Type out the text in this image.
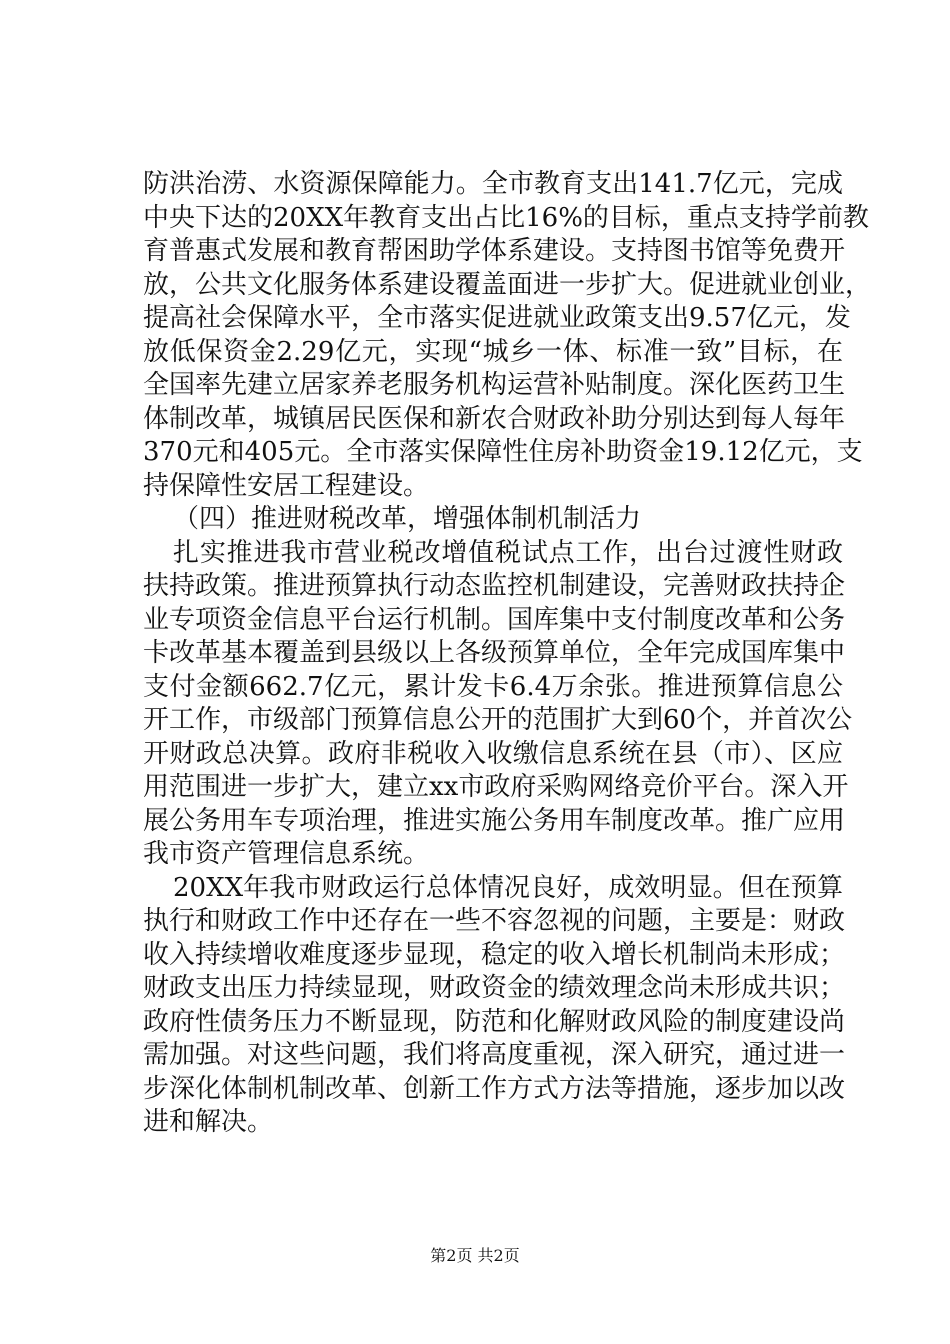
防洪治涝、水资源保障能力。全市教育支出141.7亿元，完成
中央下达的20XX年教育支出占比16%的目标，重点支持学前教
育普惠式发展和教育帮困助学体系建设。支持图书馆等免费开
放，公共文化服务体系建设覆盖面进一步扩大。促进就业创业，
提高社会保障水平，全市落实促进就业政策支出9.57亿元，发
放低保资金2.29亿元，实现“城乡一体、标准一致”目标，在
全国率先建立居家养老服务机构运营补贴制度。深化医药卫生
体制改革，城镇居民医保和新农合财政补助分别达到每人每年
370元和405元。全市落实保障性住房补助资金19.12亿元，支
持保障性安居工程建设。
（四）推进财税改革，增强体制机制活力
扎实推进我市营业税改增值税试点工作，出台过渡性财政
扶持政策。推进预算执行动态监控机制建设，完善财政扶持企
业专项资金信息平台运行机制。国库集中支付制度改革和公务
卡改革基本覆盖到县级以上各级预算单位，全年完成国库集中
支付金额662.7亿元，累计发卡6.4万余张。推进预算信息公
开工作，市级部门预算信息公开的范围扩大到60个，并首次公
开财政总决算。政府非税收入收缴信息系统在县（市）、区应
用范围进一步扩大，建立xx市政府采购网络竞价平台。深入开
展公务用车专项治理，推进实施公务用车制度改革。推广应用
我市资产管理信息系统。
20XX年我市财政运行总体情况良好，成效明显。但在预算
执行和财政工作中还存在一些不容忽视的问题，主要是：财政
收入持续增收难度逐步显现，稳定的收入增长机制尚未形成；
财政支出压力持续显现，财政资金的绩效理念尚未形成共识；
政府性债务压力不断显现，防范和化解财政风险的制度建设尚
需加强。对这些问题，我们将高度重视，深入研究，通过进一
步深化体制机制改革、创新工作方式方法等措施，逐步加以改
进和解决。
第2页 共2页
